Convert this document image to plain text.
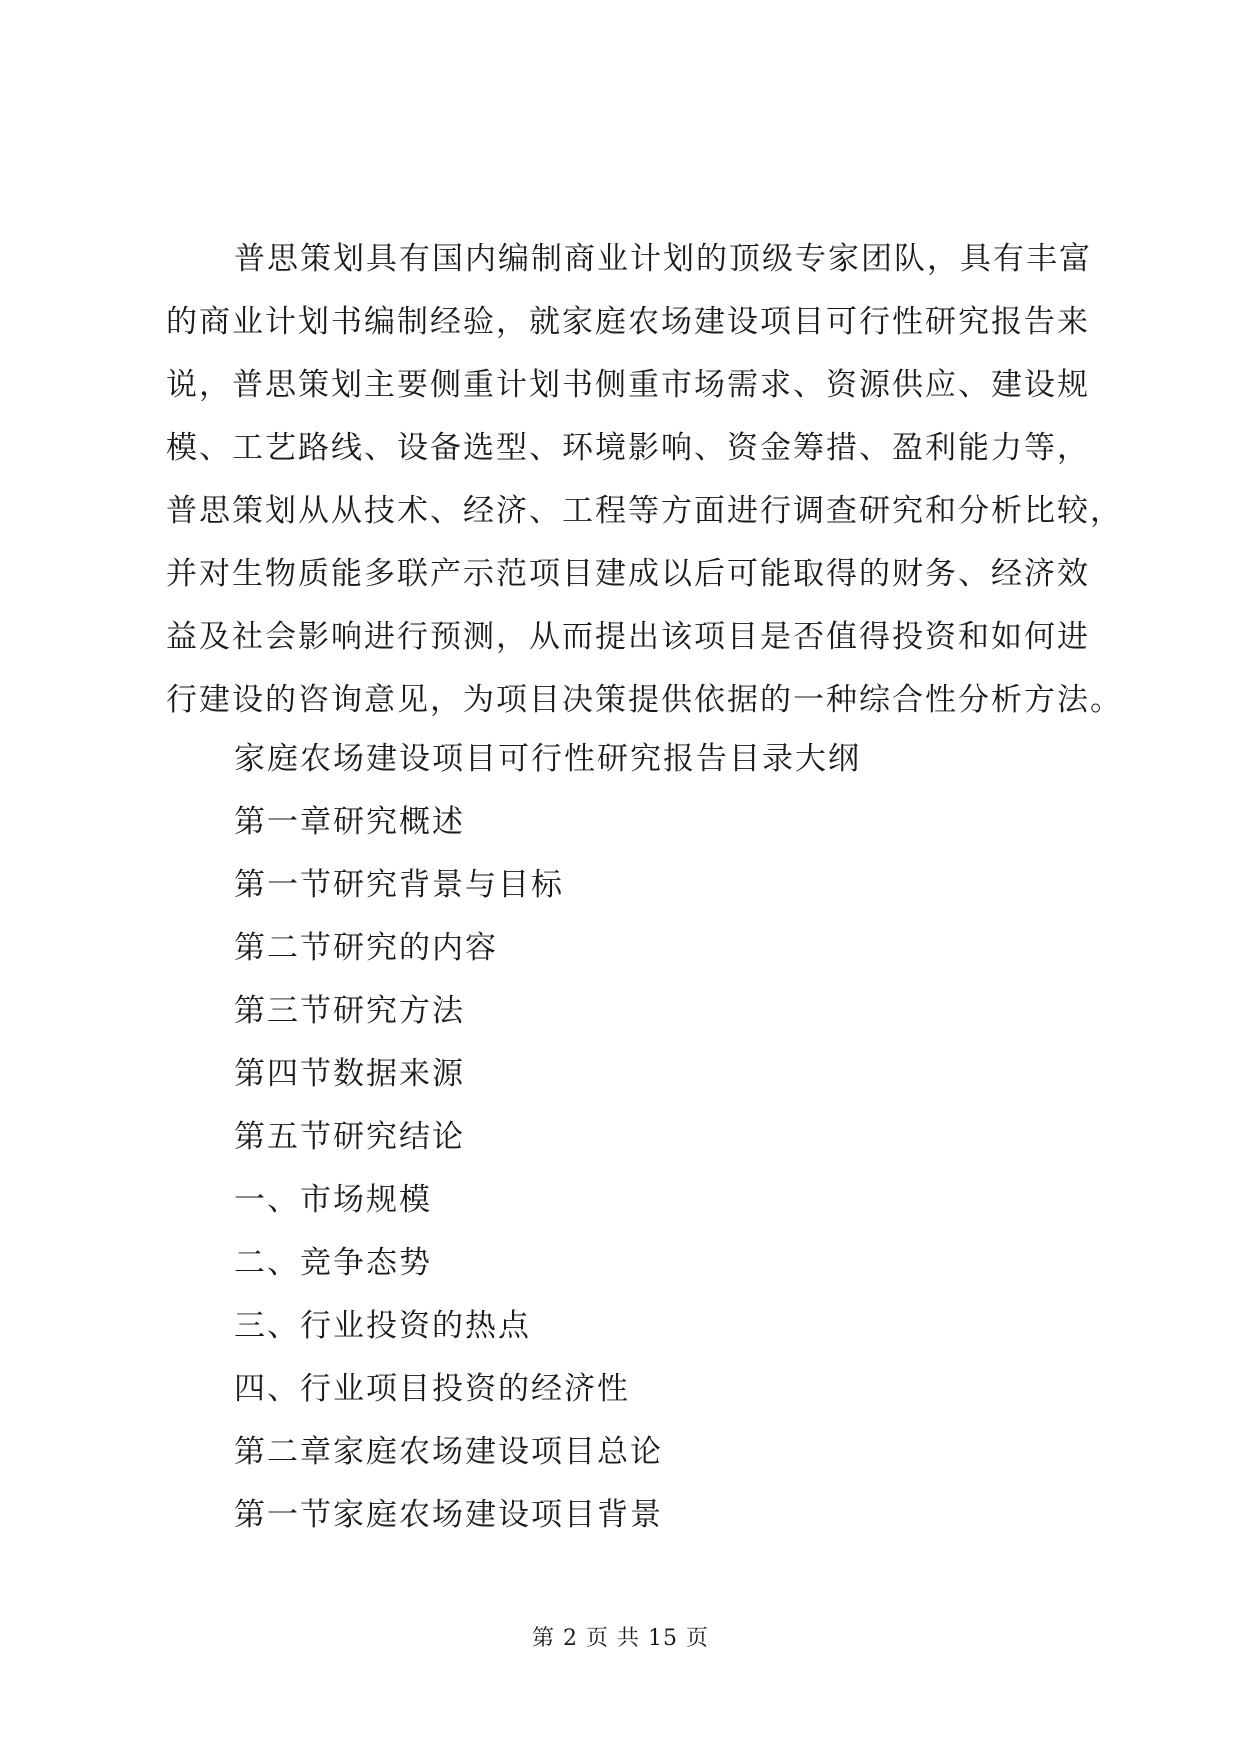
普思策划具有国内编制商业计划的顶级专家团队，具有丰富
的商业计划书编制经验，就家庭农场建设项目可行性研究报告来
说，普思策划主要侧重计划书侧重市场需求、资源供应、建设规
模、工艺路线、设备选型、环境影响、资金筹措、盈利能力等，
普思策划从从技术、经济、工程等方面进行调查研究和分析比较，
并对生物质能多联产示范项目建成以后可能取得的财务、经济效
益及社会影响进行预测，从而提出该项目是否值得投资和如何进
行建设的咨询意见，为项目决策提供依据的一种综合性分析方法。
家庭农场建设项目可行性研究报告目录大纲
第一章研究概述
第一节研究背景与目标
第二节研究的内容
第三节研究方法
第四节数据来源
第五节研究结论
一、市场规模
二、竞争态势
三、行业投资的热点
四、行业项目投资的经济性
第二章家庭农场建设项目总论
第一节家庭农场建设项目背景
第 2 页 共 15 页
